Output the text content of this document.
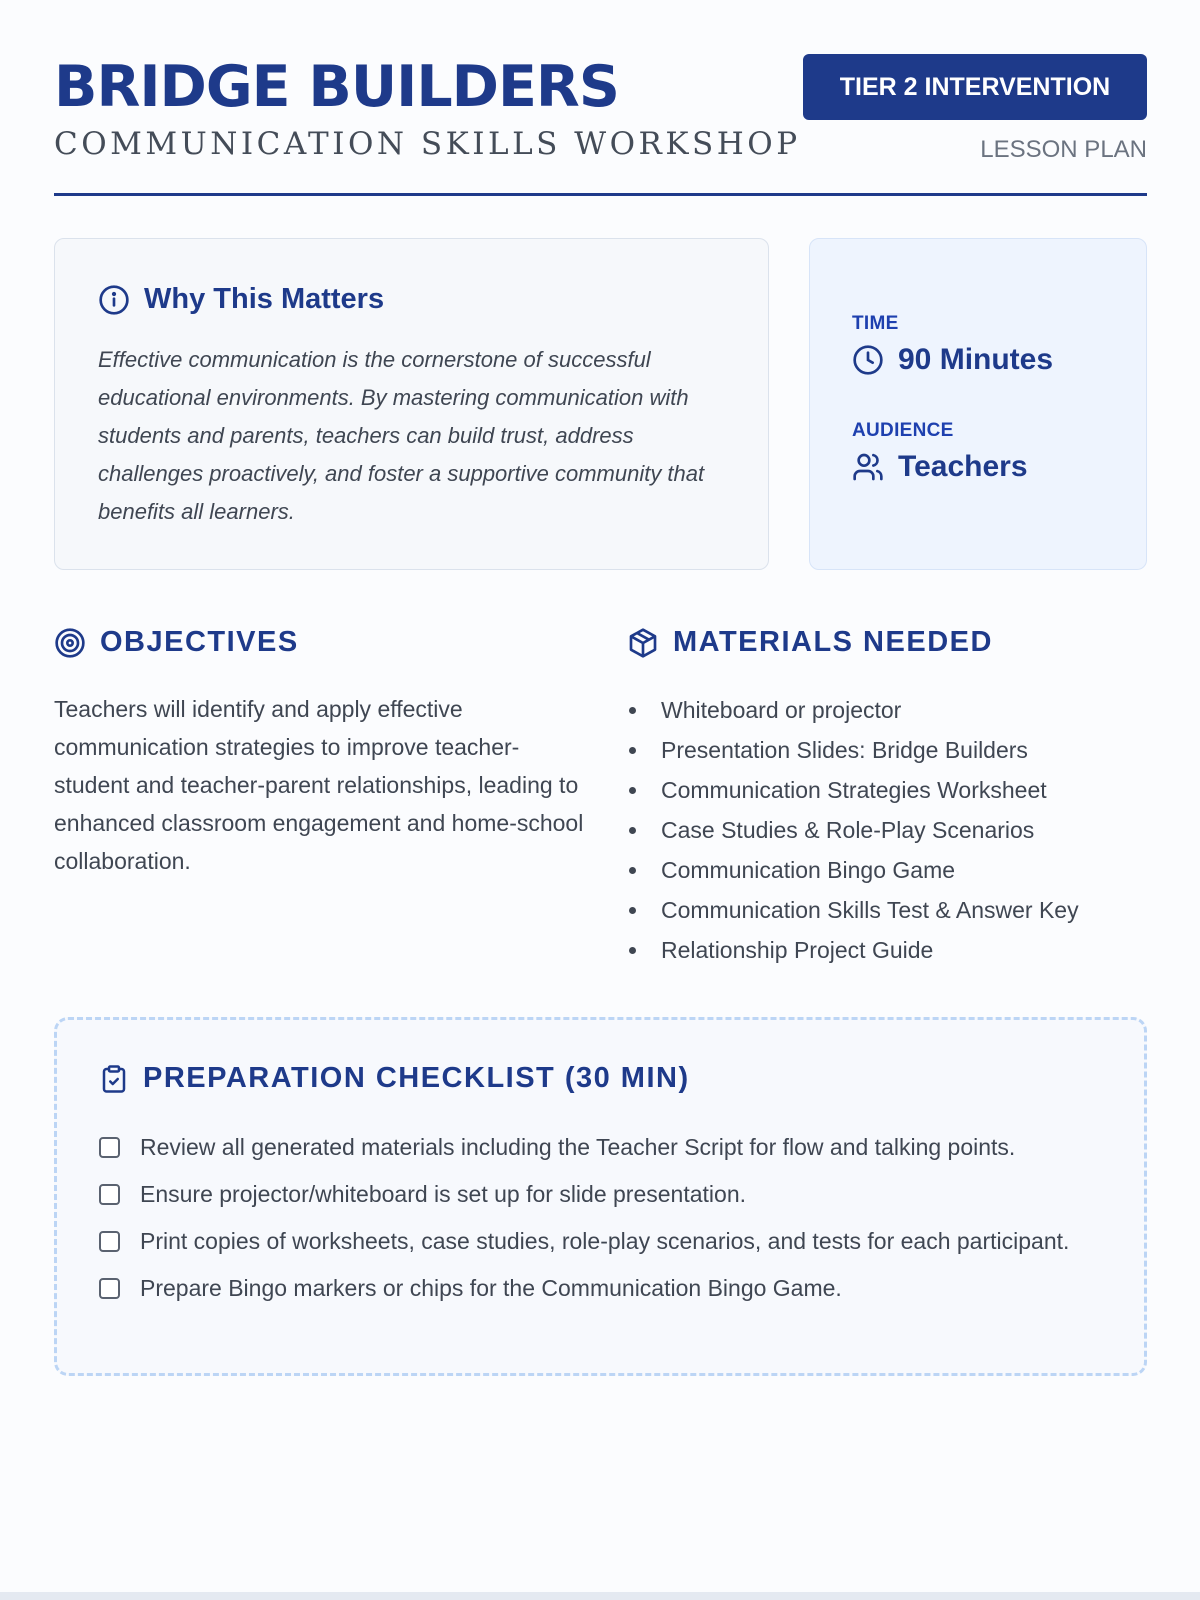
BRIDGE BUILDERS
COMMUNICATION SKILLS WORKSHOP
TIER 2 INTERVENTION
LESSON PLAN
Why This Matters
Effective communication is the cornerstone of successful educational environments. By mastering communication with students and parents, teachers can build trust, address challenges proactively, and foster a supportive community that benefits all learners.
TIME
90 Minutes
AUDIENCE
Teachers
OBJECTIVES
Teachers will identify and apply effective communication strategies to improve teacher-student and teacher-parent relationships, leading to enhanced classroom engagement and home-school collaboration.
MATERIALS NEEDED
Whiteboard or projector
Presentation Slides: Bridge Builders
Communication Strategies Worksheet
Case Studies & Role-Play Scenarios
Communication Bingo Game
Communication Skills Test & Answer Key
Relationship Project Guide
PREPARATION CHECKLIST (30 MIN)
Review all generated materials including the Teacher Script for flow and talking points.
Ensure projector/whiteboard is set up for slide presentation.
Print copies of worksheets, case studies, role-play scenarios, and tests for each participant.
Prepare Bingo markers or chips for the Communication Bingo Game.
